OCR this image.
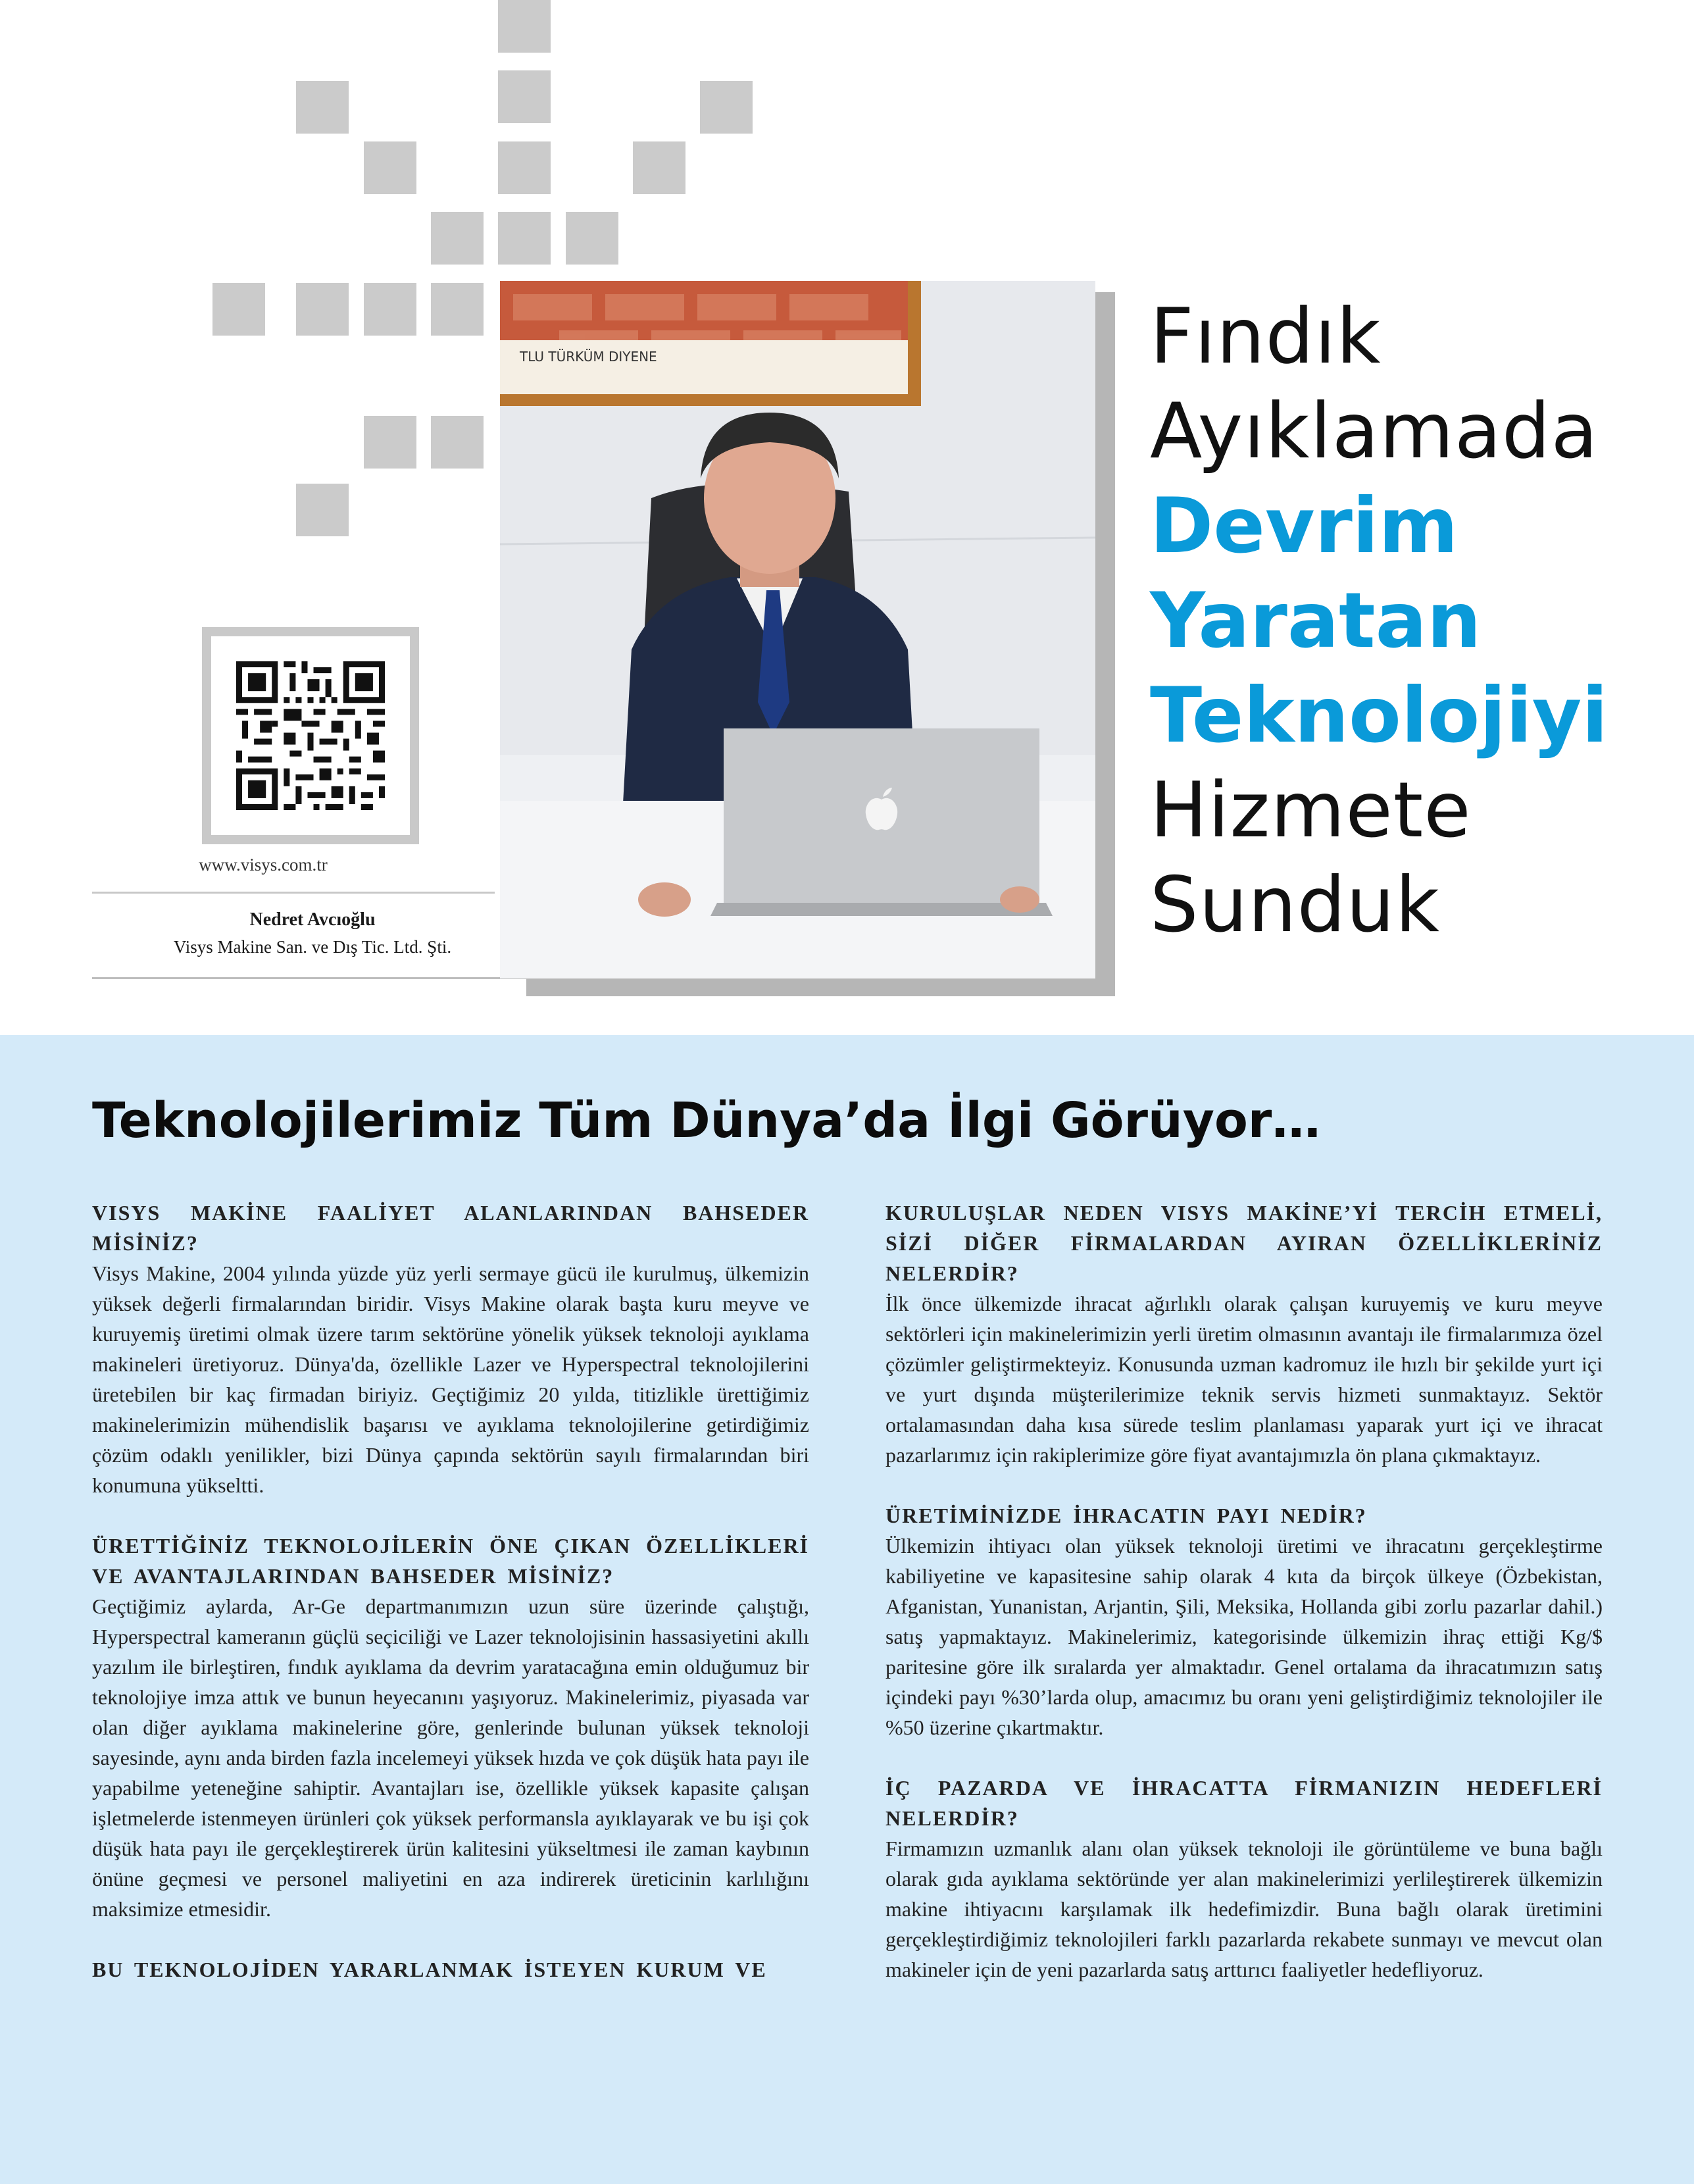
www.visys.com.tr
Nedret Avcıoğlu
Visys Makine San. ve Dış Tic. Ltd. Şti.
TLU TÜRKÜM DIYENE	Fındık
Ayıklamada
Devrim
Yaratan
Teknolojiyi
Hizmete
Sunduk
Teknolojilerimiz Tüm Dünya’da İlgi Görüyor…
VISYS MAKİNE FAALİYET ALANLARINDAN BAHSEDER MİSİNİZ?
Visys Makine, 2004 yılında yüzde yüz yerli sermaye gücü ile kurulmuş, ülkemizin yüksek değerli firmalarından biridir. Visys Makine olarak başta kuru meyve ve kuruyemiş üretimi olmak üzere tarım sektörüne yönelik yüksek teknoloji ayıklama makineleri üretiyoruz. Dünya'da, özellikle Lazer ve Hyperspectral teknolojilerini üretebilen bir kaç firmadan biriyiz. Geçtiğimiz 20 yılda, titizlikle ürettiğimiz makinelerimizin mühendislik başarısı ve ayıklama teknolojilerine getirdiğimiz çözüm odaklı yenilikler, bizi Dünya çapında sektörün sayılı firmalarından biri konumuna yükseltti.
ÜRETTİĞİNİZ TEKNOLOJİLERİN ÖNE ÇIKAN ÖZELLİKLERİ VE AVANTAJLARINDAN BAHSEDER MİSİNİZ?
Geçtiğimiz aylarda, Ar-Ge departmanımızın uzun süre üzerinde çalıştığı, Hyperspectral kameranın güçlü seçiciliği ve Lazer teknolojisinin hassasiyetini akıllı yazılım ile birleştiren, fındık ayıklama da devrim yaratacağına emin olduğumuz bir teknolojiye imza attık ve bunun heyecanını yaşıyoruz. Makinelerimiz, piyasada var olan diğer ayıklama makinelerine göre, genlerinde bulunan yüksek teknoloji sayesinde, aynı anda birden fazla incelemeyi yüksek hızda ve çok düşük hata payı ile yapabilme yeteneğine sahiptir. Avantajları ise, özellikle yüksek kapasite çalışan işletmelerde istenmeyen ürünleri çok yüksek performansla ayıklayarak ve bu işi çok düşük hata payı ile gerçekleştirerek ürün kalitesini yükseltmesi ile zaman kaybının önüne geçmesi ve personel maliyetini en aza indirerek üreticinin karlılığını maksimize etmesidir.
BU TEKNOLOJİDEN YARARLANMAK İSTEYEN KURUM VE
KURULUŞLAR NEDEN VISYS MAKİNE’Yİ TERCİH ETMELİ, SİZİ DİĞER FİRMALARDAN AYIRAN ÖZELLİKLERİNİZ NELERDİR?
İlk önce ülkemizde ihracat ağırlıklı olarak çalışan kuruyemiş ve kuru meyve sektörleri için makinelerimizin yerli üretim olmasının avantajı ile firmalarımıza özel çözümler geliştirmekteyiz. Konusunda uzman kadromuz ile hızlı bir şekilde yurt içi ve yurt dışında müşterilerimize teknik servis hizmeti sunmaktayız. Sektör ortalamasından daha kısa sürede teslim planlaması yaparak yurt içi ve ihracat pazarlarımız için rakiplerimize göre fiyat avantajımızla ön plana çıkmaktayız.
ÜRETİMİNİZDE İHRACATIN PAYI NEDİR?
Ülkemizin ihtiyacı olan yüksek teknoloji üretimi ve ihracatını gerçekleştirme kabiliyetine ve kapasitesine sahip olarak 4 kıta da birçok ülkeye (Özbekistan, Afganistan, Yunanistan, Arjantin, Şili, Meksika, Hollanda gibi zorlu pazarlar dahil.) satış yapmaktayız. Makinelerimiz, kategorisinde ülkemizin ihraç ettiği Kg/$ paritesine göre ilk sıralarda yer almaktadır. Genel ortalama da ihracatımızın satış içindeki payı %30’larda olup, amacımız bu oranı yeni geliştirdiğimiz teknolojiler ile %50 üzerine çıkartmaktır.
İÇ PAZARDA VE İHRACATTA FİRMANIZIN HEDEFLERİ NELERDİR?
Firmamızın uzmanlık alanı olan yüksek teknoloji ile görüntüleme ve buna bağlı olarak gıda ayıklama sektöründe yer alan makinelerimizi yerlileştirerek ülkemizin makine ihtiyacını karşılamak ilk hedefimizdir. Buna bağlı olarak üretimini gerçekleştirdiğimiz teknolojileri farklı pazarlarda rekabete sunmayı ve mevcut olan makineler için de yeni pazarlarda satış arttırıcı faaliyetler hedefliyoruz.
